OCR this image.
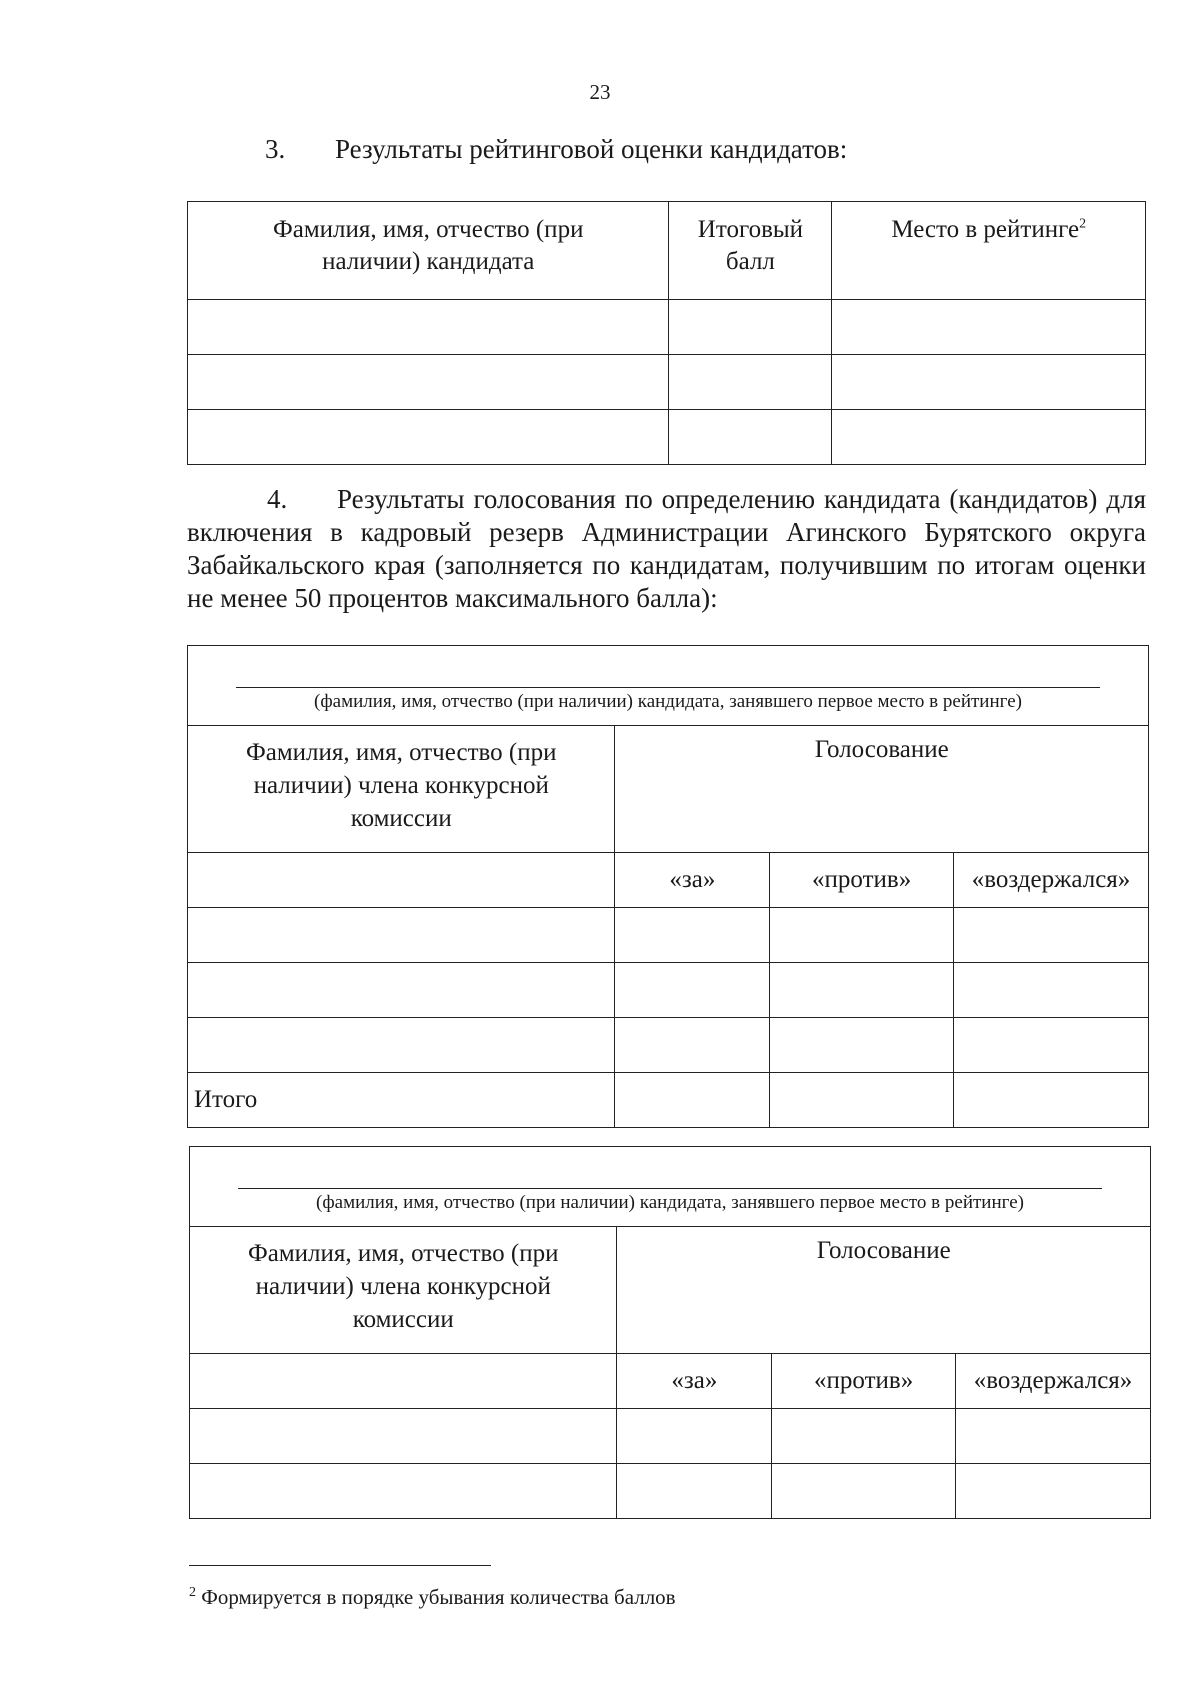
23
3. Результаты рейтинговой оценки кандидатов:
Фамилия, имя, отчество (при наличии) кандидата	Итоговый балл	Место в рейтинге$^2$

4. Результаты голосования по определению кандидата (кандидатов) для включения в кадровый резерв Администрации Агинского Бурятского округа Забайкальского края (заполняется по кандидатам, получившим по итогам оценки не менее 50 процентов максимального балла):
(фамилия, имя, отчество (при наличии) кандидата, занявшего первое место в рейтинге)			

Фамилия, имя, отчество (при наличии) члена конкурсной комиссии	Голосование		
	«за»	«против»	«воздержался»

Итого			
(фамилия, имя, отчество (при наличии) кандидата, занявшего первое место в рейтинге)			

Фамилия, имя, отчество (при наличии) члена конкурсной комиссии	Голосование		
	«за»	«против»	«воздержался»

$^2$ Формируется в порядке убывания количества баллов
